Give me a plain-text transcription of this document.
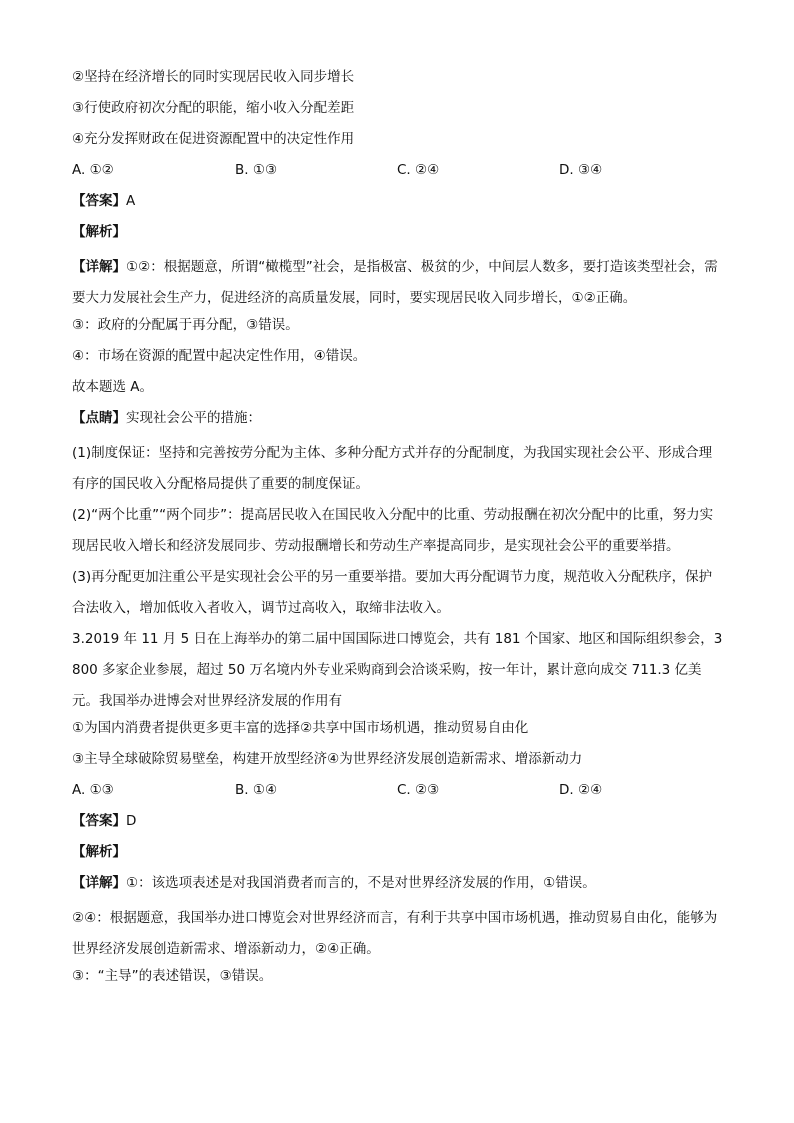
②坚持在经济增长的同时实现居民收入同步增长
③行使政府初次分配的职能，缩小收入分配差距
④充分发挥财政在促进资源配置中的决定性作用
A. ①②	B. ①③	C. ②④	D. ③④
【答案】A
【解析】
【详解】①②：根据题意，所谓“橄榄型”社会，是指极富、极贫的少，中间层人数多，要打造该类型社会，需要大力发展社会生产力，促进经济的高质量发展，同时，要实现居民收入同步增长，①②正确。
③：政府的分配属于再分配，③错误。
④：市场在资源的配置中起决定性作用，④错误。
故本题选 A。
【点睛】实现社会公平的措施：
(1)制度保证：坚持和完善按劳分配为主体、多种分配方式并存的分配制度，为我国实现社会公平、形成合理有序的国民收入分配格局提供了重要的制度保证。
(2)“两个比重”“两个同步”：提高居民收入在国民收入分配中的比重、劳动报酬在初次分配中的比重，努力实现居民收入增长和经济发展同步、劳动报酬增长和劳动生产率提高同步，是实现社会公平的重要举措。
(3)再分配更加注重公平是实现社会公平的另一重要举措。要加大再分配调节力度，规范收入分配秩序，保护合法收入，增加低收入者收入，调节过高收入，取缔非法收入。
3.2019 年 11 月 5 日在上海举办的第二届中国国际进口博览会，共有 181 个国家、地区和国际组织参会，3800 多家企业参展，超过 50 万名境内外专业采购商到会洽谈采购，按一年计，累计意向成交 711.3 亿美元。我国举办进博会对世界经济发展的作用有
①为国内消费者提供更多更丰富的选择②共享中国市场机遇，推动贸易自由化
③主导全球破除贸易壁垒，构建开放型经济④为世界经济发展创造新需求、增添新动力
A. ①③	B. ①④	C. ②③	D. ②④
【答案】D
【解析】
【详解】①：该选项表述是对我国消费者而言的，不是对世界经济发展的作用，①错误。
②④：根据题意，我国举办进口博览会对世界经济而言，有利于共享中国市场机遇，推动贸易自由化，能够为世界经济发展创造新需求、增添新动力，②④正确。
③：“主导”的表述错误，③错误。
